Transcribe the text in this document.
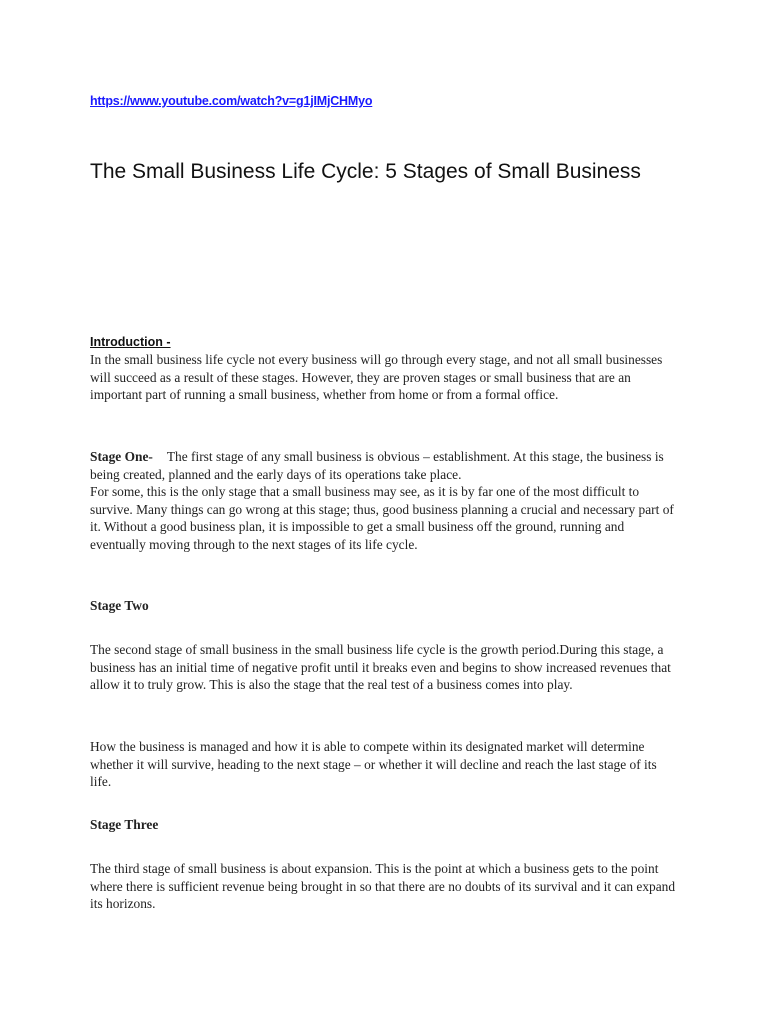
https://www.youtube.com/watch?v=g1jIMjCHMyo
The Small Business Life Cycle: 5 Stages of Small Business
Introduction -

In the small business life cycle not every business will go through every stage, and not all small businesses will succeed as a result of these stages. However, they are proven stages or small business that are an important part of running a small business, whether from home or from a formal office.

Stage One- The first stage of any small business is obvious – establishment. At this stage, the business is being created, planned and the early days of its operations take place.

For some, this is the only stage that a small business may see, as it is by far one of the most difficult to survive. Many things can go wrong at this stage; thus, good business planning a crucial and necessary part of it. Without a good business plan, it is impossible to get a small business off the ground, running and eventually moving through to the next stages of its life cycle.

Stage Two

The second stage of small business in the small business life cycle is the growth period.During this stage, a business has an initial time of negative profit until it breaks even and begins to show increased revenues that allow it to truly grow. This is also the stage that the real test of a business comes into play.

How the business is managed and how it is able to compete within its designated market will determine whether it will survive, heading to the next stage – or whether it will decline and reach the last stage of its life.

Stage Three

The third stage of small business is about expansion. This is the point at which a business gets to the point where there is sufficient revenue being brought in so that there are no doubts of its survival and it can expand its horizons.
